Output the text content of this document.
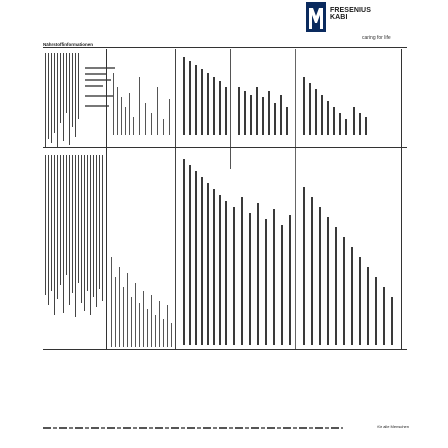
FRESENIUS
KABI
caring for life
Nährstoffinformationen
für alle Menschen
